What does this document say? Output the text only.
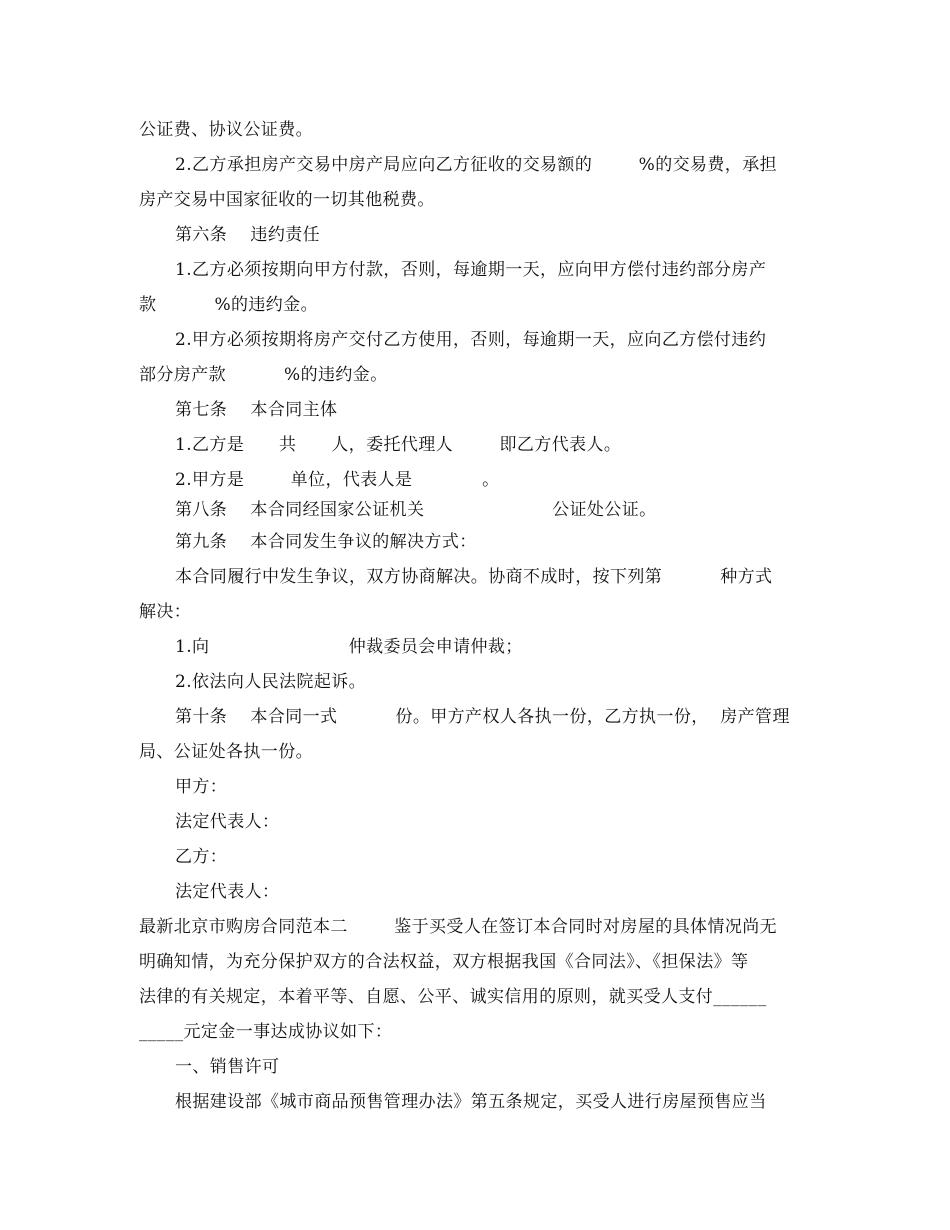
公证费、协议公证费。
2.乙方承担房产交易中房产局应向乙方征收的交易额的        %的交易费，承担
房产交易中国家征收的一切其他税费。
第六条    违约责任
1.乙方必须按期向甲方付款，否则，每逾期一天，应向甲方偿付违约部分房产
款          %的违约金。
2.甲方必须按期将房产交付乙方使用，否则，每逾期一天，应向乙方偿付违约
部分房产款          %的违约金。
第七条    本合同主体
1.乙方是      共      人，委托代理人        即乙方代表人。
2.甲方是        单位，代表人是            。
第八条    本合同经国家公证机关                      公证处公证。
第九条    本合同发生争议的解决方式：
本合同履行中发生争议，双方协商解决。协商不成时，按下列第          种方式
解决：
1.向                        仲裁委员会申请仲裁；
2.依法向人民法院起诉。
第十条    本合同一式          份。甲方产权人各执一份，乙方执一份，  房产管理
局、公证处各执一份。
甲方：
法定代表人：
乙方：
法定代表人：
最新北京市购房合同范本二        鉴于买受人在签订本合同时对房屋的具体情况尚无
明确知情，为充分保护双方的合法权益，双方根据我国《合同法》、《担保法》等
法律的有关规定，本着平等、自愿、公平、诚实信用的原则，就买受人支付______
_____元定金一事达成协议如下：
一、销售许可
根据建设部《城市商品预售管理办法》第五条规定，买受人进行房屋预售应当
